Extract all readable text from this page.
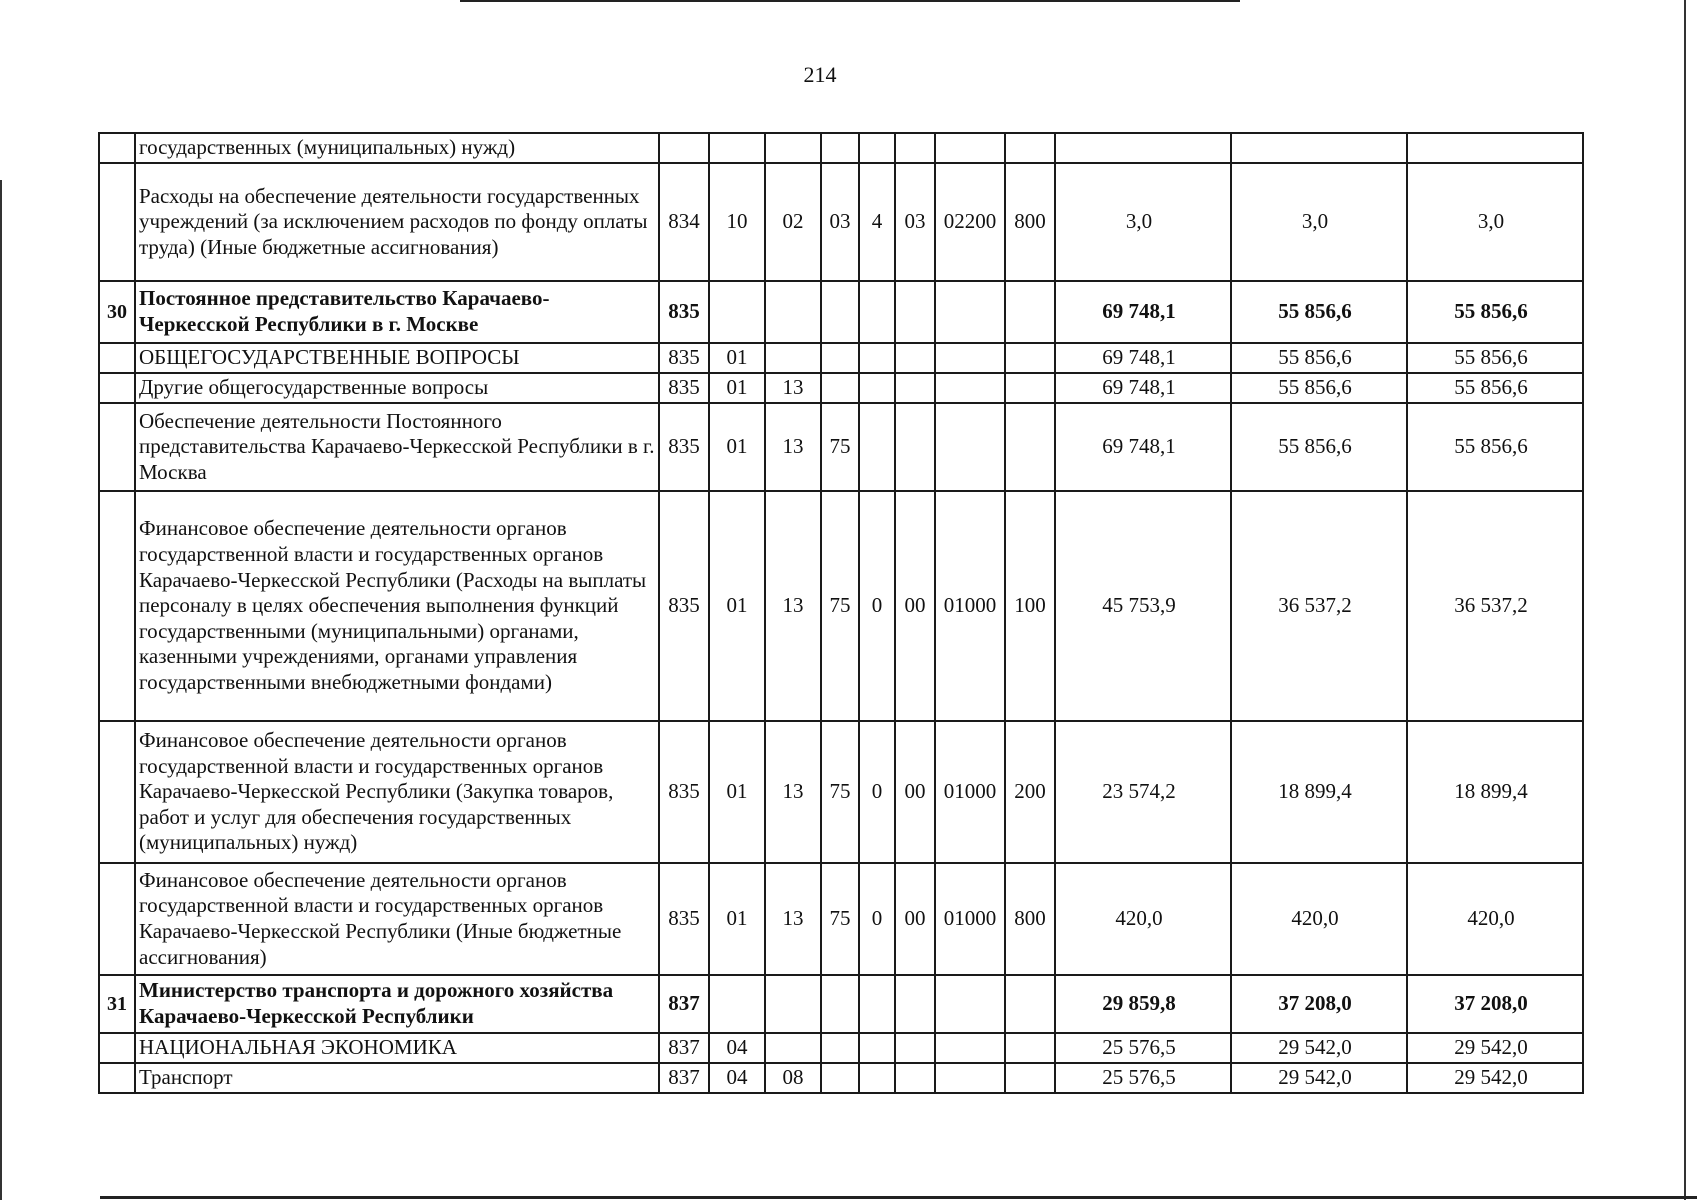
214
	государственных (муниципальных) нужд)											
	Расходы на обеспечение деятельности государственных учреждений (за исключением расходов по фонду оплаты труда) (Иные бюджетные ассигнования)	834	10	02	03	4	03	02200	800	3,0	3,0	3,0
30	Постоянное представительство Карачаево-Черкесской Республики в г. Москве	835								69 748,1	55 856,6	55 856,6
	ОБЩЕГОСУДАРСТВЕННЫЕ ВОПРОСЫ	835	01							69 748,1	55 856,6	55 856,6
	Другие общегосударственные вопросы	835	01	13						69 748,1	55 856,6	55 856,6
	Обеспечение деятельности Постоянного представительства Карачаево-Черкесской Республики в г. Москва	835	01	13	75					69 748,1	55 856,6	55 856,6
	Финансовое обеспечение деятельности органов государственной власти и государственных органов Карачаево-Черкесской Республики (Расходы на выплаты персоналу в целях обеспечения выполнения функций государственными (муниципальными) органами, казенными учреждениями, органами управления государственными внебюджетными фондами)	835	01	13	75	0	00	01000	100	45 753,9	36 537,2	36 537,2
	Финансовое обеспечение деятельности органов государственной власти и государственных органов Карачаево-Черкесской Республики (Закупка товаров, работ и услуг для обеспечения государственных (муниципальных) нужд)	835	01	13	75	0	00	01000	200	23 574,2	18 899,4	18 899,4
	Финансовое обеспечение деятельности органов государственной власти и государственных органов Карачаево-Черкесской Республики (Иные бюджетные ассигнования)	835	01	13	75	0	00	01000	800	420,0	420,0	420,0
31	Министерство транспорта и дорожного хозяйства Карачаево-Черкесской Республики	837								29 859,8	37 208,0	37 208,0
	НАЦИОНАЛЬНАЯ ЭКОНОМИКА	837	04							25 576,5	29 542,0	29 542,0
	Транспорт	837	04	08						25 576,5	29 542,0	29 542,0
